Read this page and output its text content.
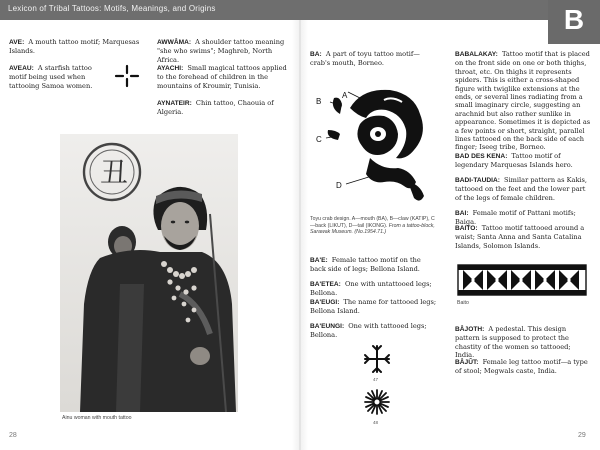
Lexicon of Tribal Tattoos: Motifs, Meanings, and Origins	B
AVE: A mouth tattoo motif; Marquesas Islands.
AVEAU: A starfish tattoo motif being used when tattooing Samoa women.
AWWÂMA: A shoulder tattoo meaning "she who swims"; Maghreb, North Africa.
AYACHI: Small magical tattoos applied to the forehead of children in the mountains of Kroumir, Tunisia.
AYNATEIR: Chin tattoo, Chaouia of Algeria.
丑
Ainu woman with mouth tattoo
28
BA: A part of toyu tattoo motif—crab's mouth, Borneo.
A
B
C
D
Toyu crab design. A—mouth (BA), B—claw (KATIP), C—back (LIKUT), D—tail (IKONG). From a tattoo-block, Sarawak Museum. (No.1954.71.)
BA'E: Female tattoo motif on the back side of legs; Bellona Island.
BA'ETEA: One with untattooed legs; Bellona.
BA'EUGI: The name for tattooed legs; Bellona Island.
BA'EUNGI: One with tattooed legs; Bellona.
47
48
BABALAKAY: Tattoo motif that is placed on the front side on one or both thighs, throat, etc. On thighs it represents spiders. This is either a cross-shaped figure with twiglike extensions at the ends, or several lines radiating from a small imaginary circle, suggesting an arachnid but also rather sunlike in appearance. Sometimes it is depicted as a few points or short, straight, parallel lines tattooed on the back side of each finger; Iseeg tribe, Borneo.
BAD DES KENA: Tattoo motif of legendary Marquesas Islands hero.
BADI-TAUDIA: Similar pattern as Kakis, tattooed on the feet and the lower part of the legs of female children.
BAI: Female motif of Pattani motifs; Baiga.
BAITO: Tattoo motif tattooed around a waist; Santa Anna and Santa Catalina Islands, Solomon Islands.
Baito
BÂJOTH: A pedestal. This design pattern is supposed to protect the chastity of the women so tattooed; India.
BÂJÛT: Female leg tattoo motif—a type of stool; Megwals caste, India.
29
